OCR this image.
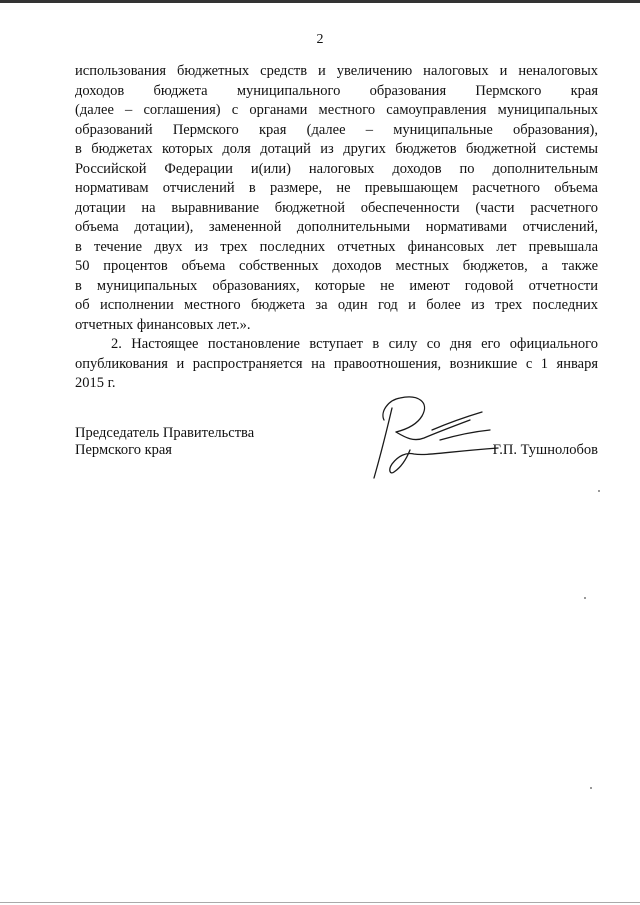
2
использования бюджетных средств и увеличению налоговых и неналоговых
доходов бюджета муниципального образования Пермского края
(далее – соглашения) с органами местного самоуправления муниципальных
образований Пермского края (далее – муниципальные образования),
в бюджетах которых доля дотаций из других бюджетов бюджетной системы
Российской Федерации и(или) налоговых доходов по дополнительным
нормативам отчислений в размере, не превышающем расчетного объема
дотации на выравнивание бюджетной обеспеченности (части расчетного
объема дотации), замененной дополнительными нормативами отчислений,
в течение двух из трех последних отчетных финансовых лет превышала
50 процентов объема собственных доходов местных бюджетов, а также
в муниципальных образованиях, которые не имеют годовой отчетности
об исполнении местного бюджета за один год и более из трех последних
отчетных финансовых лет.».
2. Настоящее постановление вступает в силу со дня его официального
опубликования и распространяется на правоотношения, возникшие с 1 января
2015 г.
Председатель Правительства
Пермского края	Г.П. Тушнолобов
